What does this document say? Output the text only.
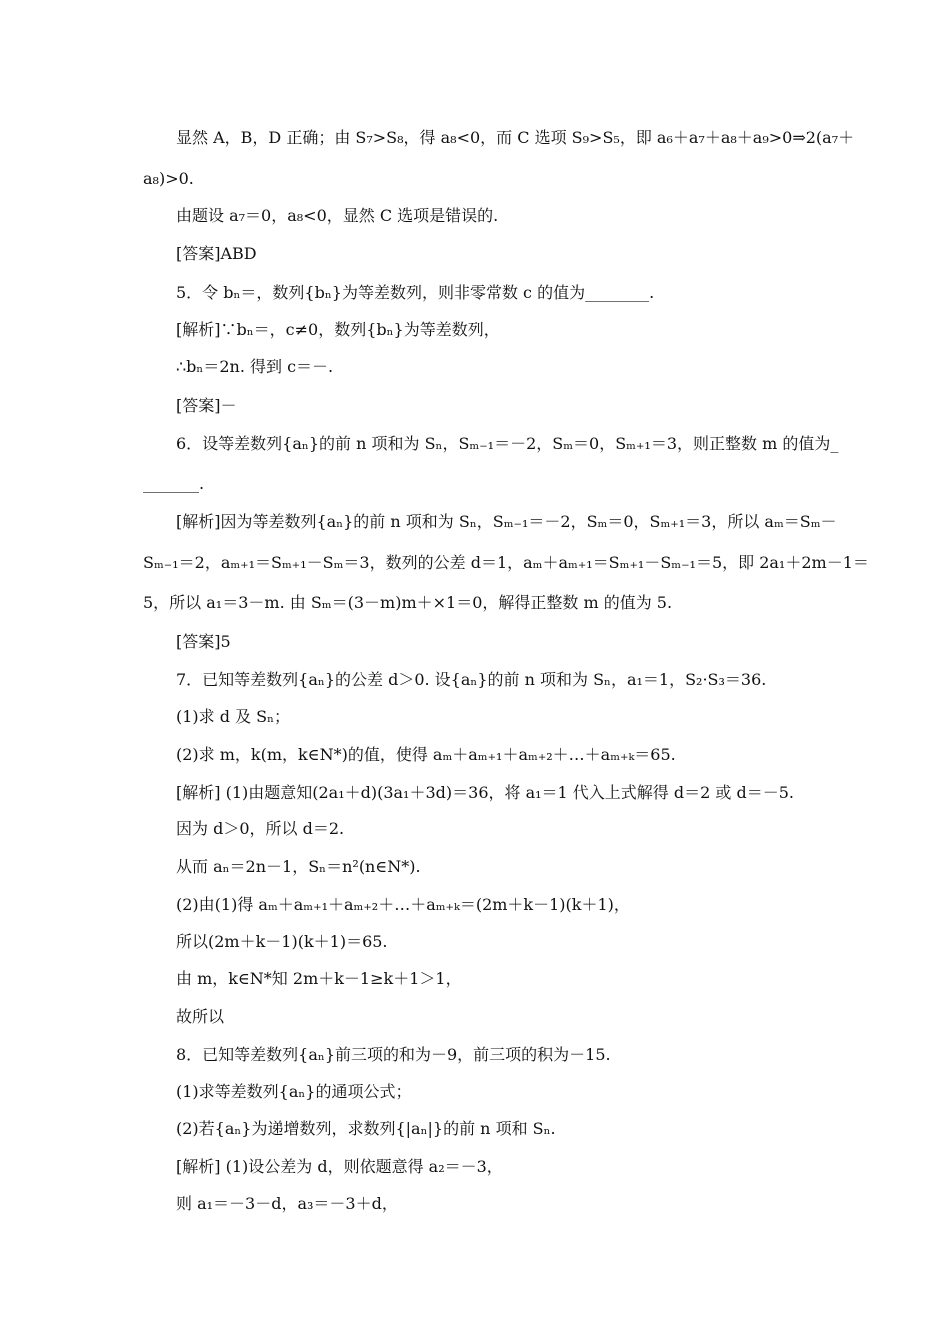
显然 A，B，D 正确；由 S₇>S₈，得 a₈<0，而 C 选项 S₉>S₅，即 a₆＋a₇＋a₈＋a₉>0⇒2(a₇＋
a₈)>0.
由题设 a₇＝0，a₈<0，显然 C 选项是错误的.
[答案]ABD
5．令 bₙ＝，数列{bₙ}为等差数列，则非零常数 c 的值为________.
[解析]∵bₙ＝，c≠0，数列{bₙ}为等差数列，
∴bₙ＝2n. 得到 c＝－.
[答案]－
6．设等差数列{aₙ}的前 n 项和为 Sₙ，Sₘ₋₁＝－2，Sₘ＝0，Sₘ₊₁＝3，则正整数 m 的值为_
_______.
[解析]因为等差数列{aₙ}的前 n 项和为 Sₙ，Sₘ₋₁＝－2，Sₘ＝0，Sₘ₊₁＝3，所以 aₘ＝Sₘ－
Sₘ₋₁＝2，aₘ₊₁＝Sₘ₊₁－Sₘ＝3，数列的公差 d＝1，aₘ＋aₘ₊₁＝Sₘ₊₁－Sₘ₋₁＝5，即 2a₁＋2m－1＝
5，所以 a₁＝3－m. 由 Sₘ＝(3－m)m＋×1＝0，解得正整数 m 的值为 5.
[答案]5
7．已知等差数列{aₙ}的公差 d＞0. 设{aₙ}的前 n 项和为 Sₙ，a₁＝1，S₂·S₃＝36.
(1)求 d 及 Sₙ；
(2)求 m，k(m，k∈N*)的值，使得 aₘ＋aₘ₊₁＋aₘ₊₂＋…＋aₘ₊ₖ＝65.
[解析] (1)由题意知(2a₁＋d)(3a₁＋3d)＝36，将 a₁＝1 代入上式解得 d＝2 或 d＝－5.
因为 d＞0，所以 d＝2.
从而 aₙ＝2n－1，Sₙ＝n²(n∈N*).
(2)由(1)得 aₘ＋aₘ₊₁＋aₘ₊₂＋…＋aₘ₊ₖ＝(2m＋k－1)(k＋1)，
所以(2m＋k－1)(k＋1)＝65.
由 m，k∈N*知 2m＋k－1≥k＋1＞1，
故所以
8．已知等差数列{aₙ}前三项的和为－9，前三项的积为－15.
(1)求等差数列{aₙ}的通项公式；
(2)若{aₙ}为递增数列，求数列{|aₙ|}的前 n 项和 Sₙ.
[解析] (1)设公差为 d，则依题意得 a₂＝－3，
则 a₁＝－3－d，a₃＝－3＋d，
